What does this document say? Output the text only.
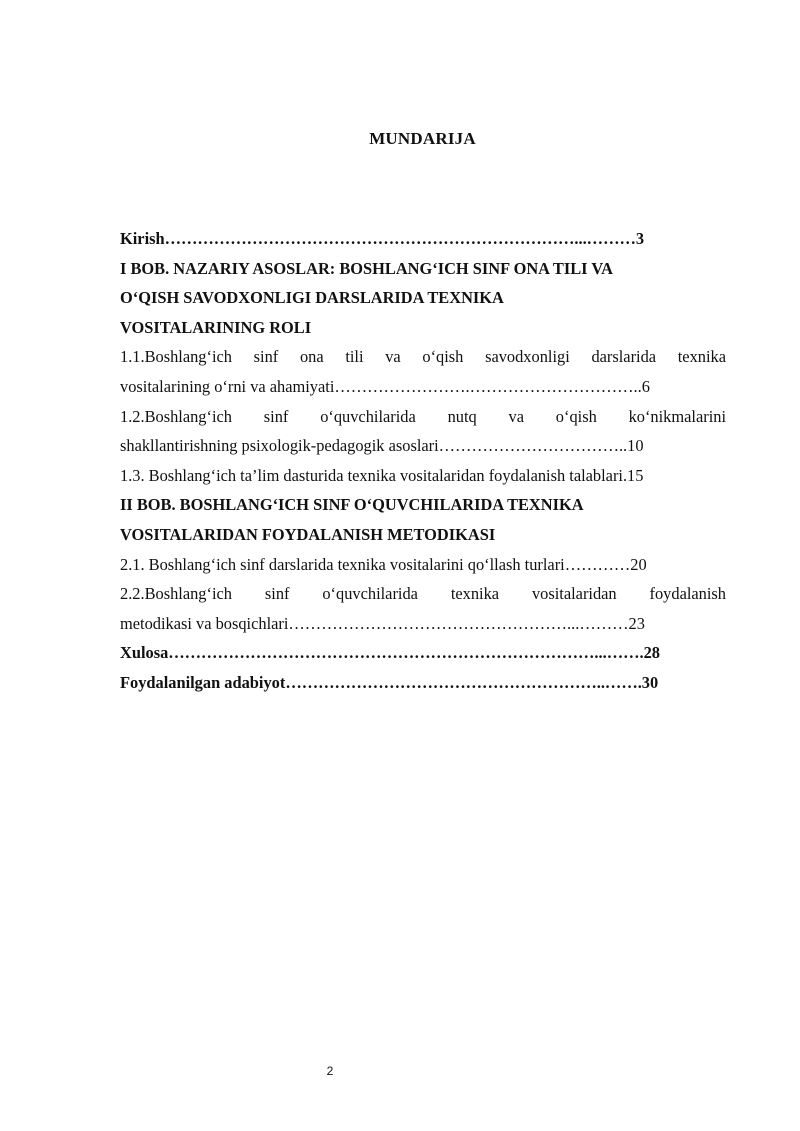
MUNDARIJA
Kirish…………………………………………………………………...………3
I BOB. NAZARIY ASOSLAR: BOSHLANG‘ICH SINF ONA TILI VA
O‘QISH SAVODXONLIGI DARSLARIDA TEXNIKA
VOSITALARINING ROLI
1.1.Boshlang‘ich sinf ona tili va o‘qish savodxonligi darslarida texnika
vositalarining o‘rni va ahamiyati…………………….…………………………..6
1.2.Boshlang‘ich sinf o‘quvchilarida nutq va o‘qish ko‘nikmalarini
shakllantirishning psixologik-pedagogik asoslari……………………………..10
1.3. Boshlang‘ich ta’lim dasturida texnika vositalaridan foydalanish talablari.15
II BOB. BOSHLANG‘ICH SINF O‘QUVCHILARIDA TEXNIKA
VOSITALARIDAN FOYDALANISH METODIKASI
2.1. Boshlang‘ich sinf darslarida texnika vositalarini qo‘llash turlari…………20
2.2.Boshlang‘ich sinf o‘quvchilarida texnika vositalaridan foydalanish
metodikasi va bosqichlari……………………………………………...………23
Xulosa……………………………………………………………………...…….28
Foydalanilgan adabiyot…………………………………………………..…….30
2
